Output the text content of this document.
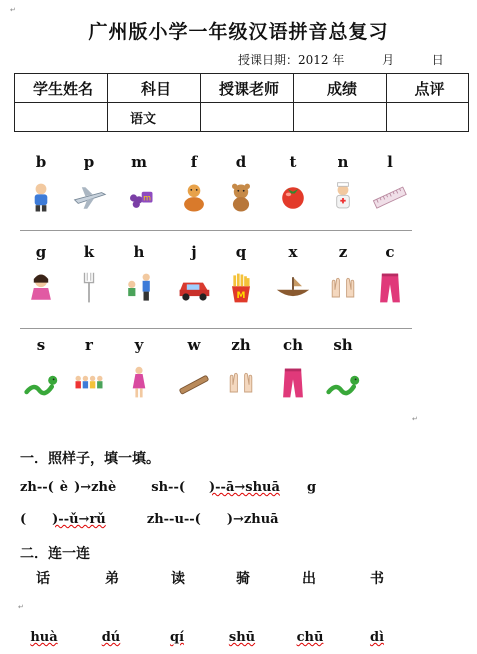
↵
广州版小学一年级汉语拼音总复习
授课日期：2012 年	月	日
学生姓名	科目	授课老师	成绩	点评
	语文			
b	p	m
m
f	d	t	n	l
g	k	h	j	q
M
x	z	c
s	r	y	w	zh	ch	sh
一．照样子，填一填。
zh--( è )→zhè	sh--( )--ā→shuā g
( )--ǔ→rǔ	zh--u--( )→zhuā
二．连一连
话	弟	读	骑	出	书
huà	dú	qí	shū	chū	dì
↵
↵
